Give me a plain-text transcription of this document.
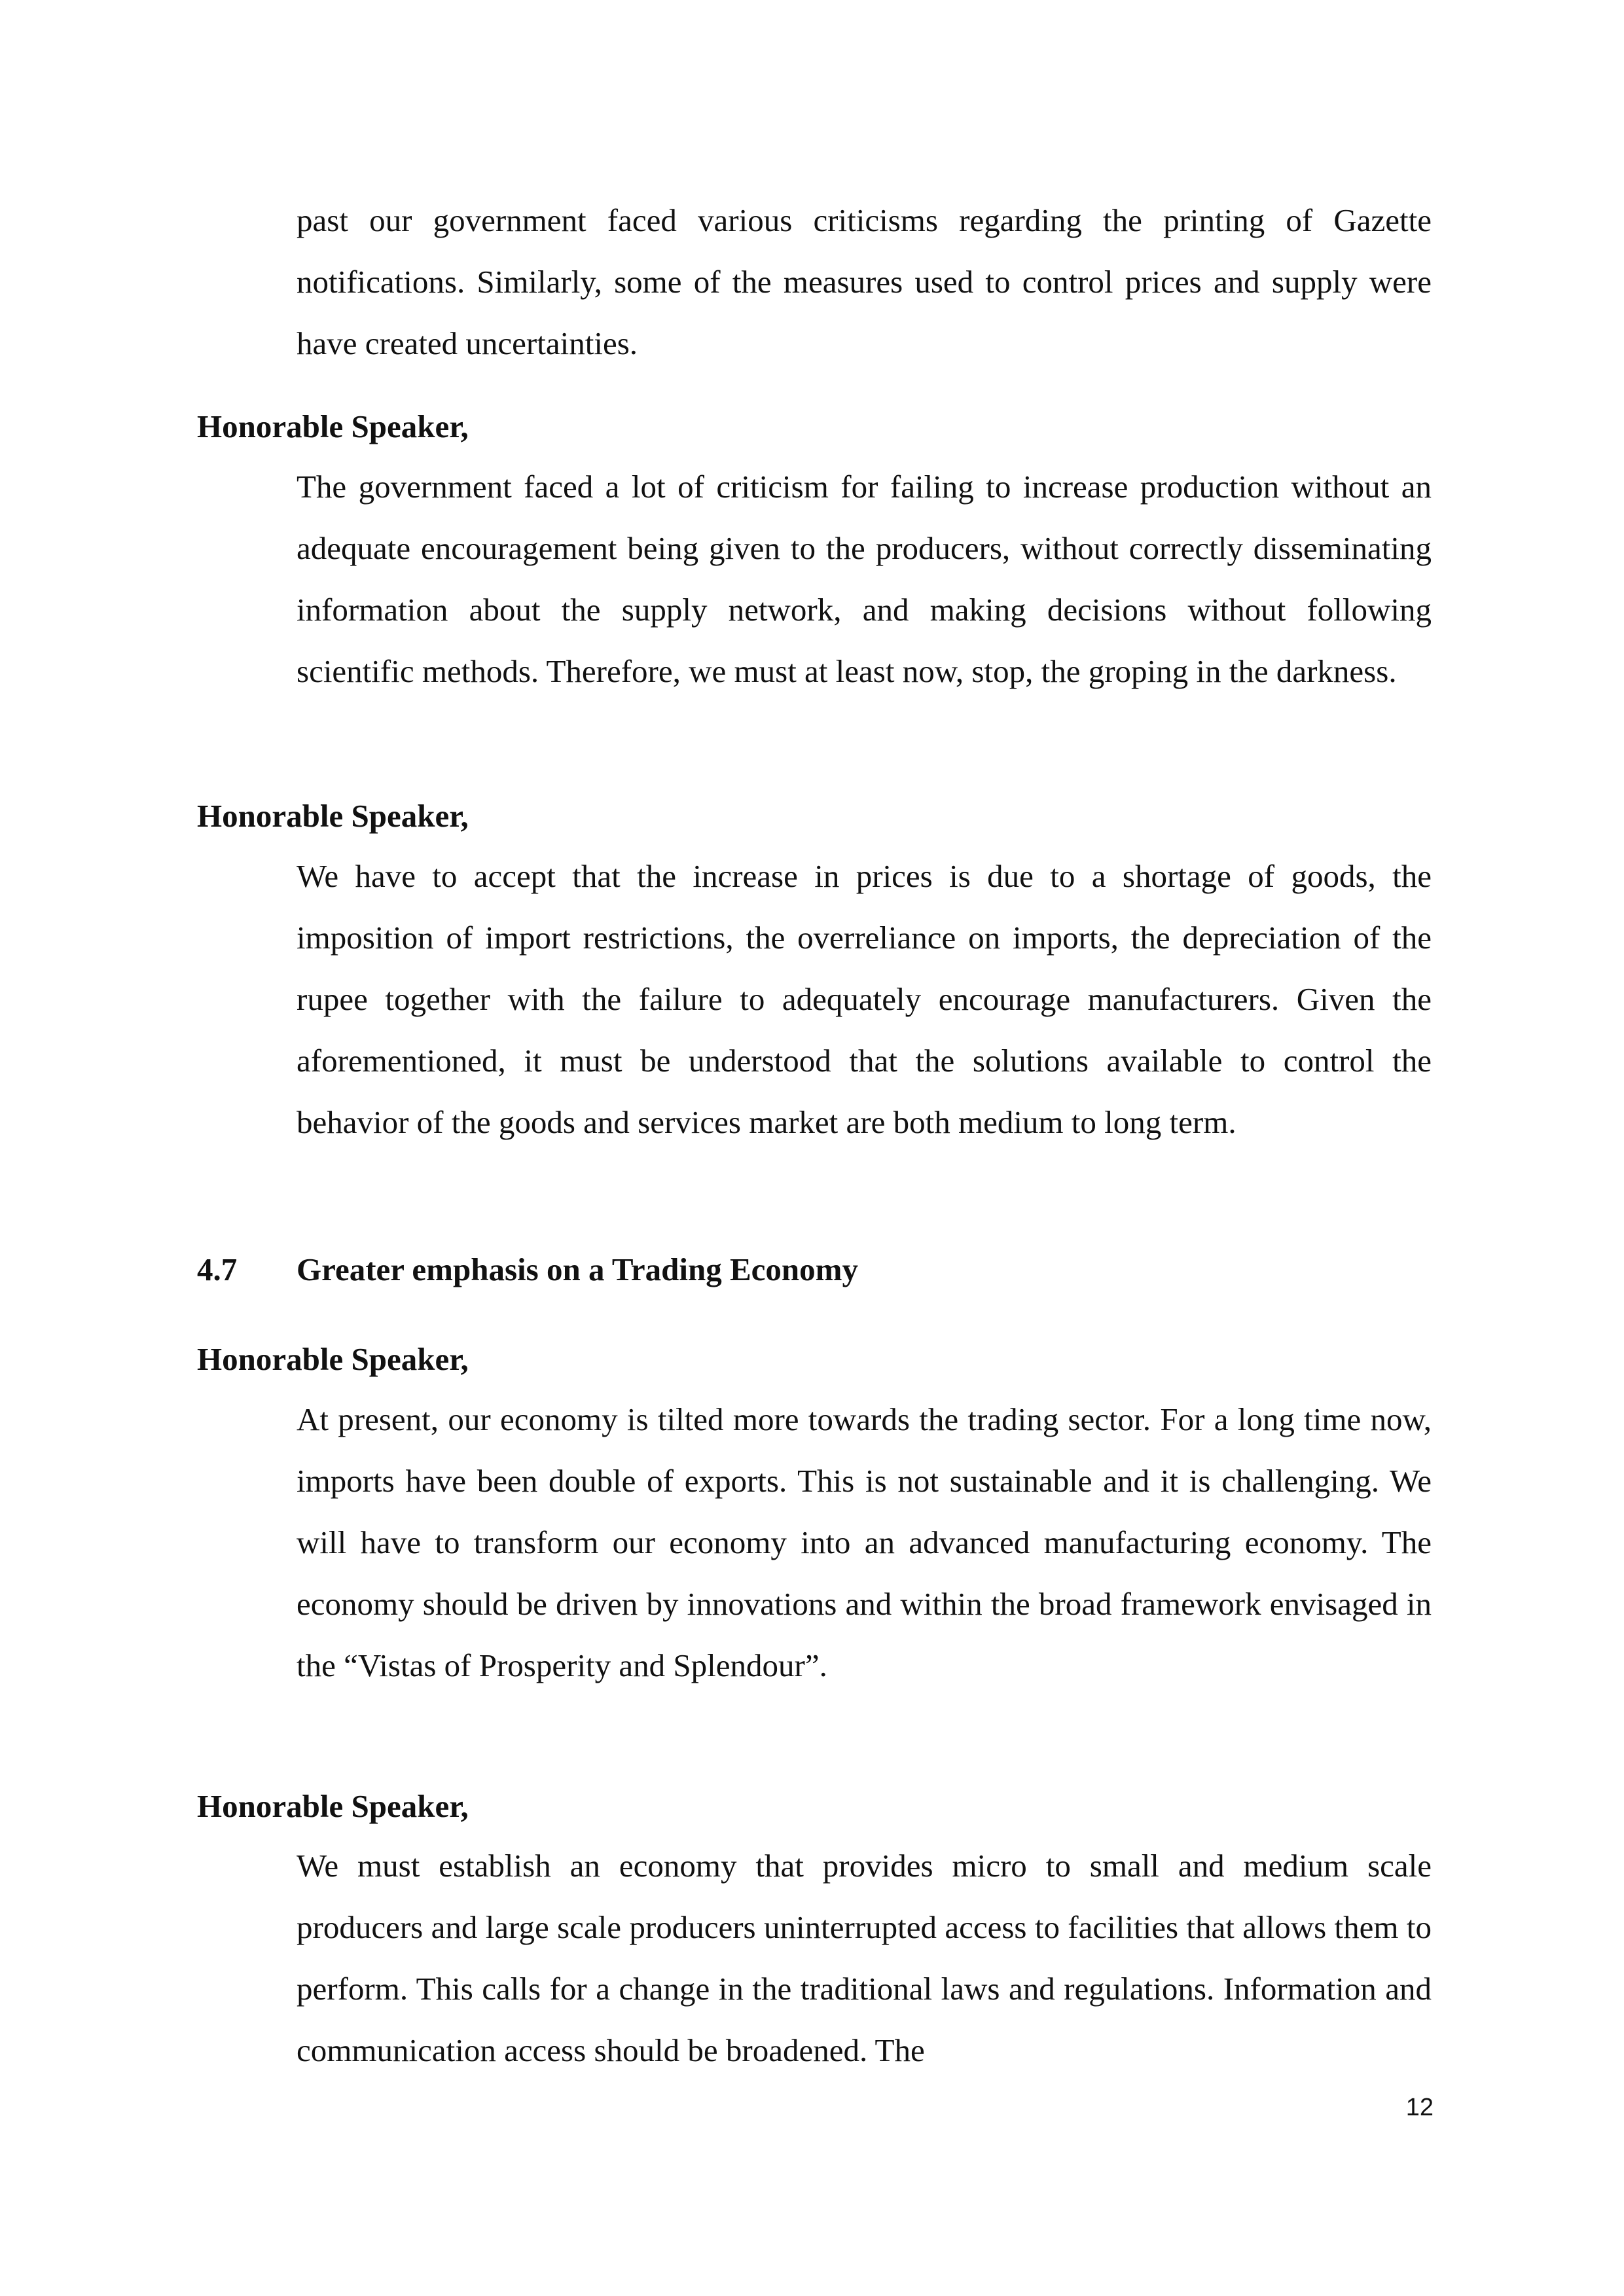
past our government faced various criticisms regarding the printing of Gazette notifications. Similarly, some of the measures used to control prices and supply were have created uncertainties.

Honorable Speaker,

The government faced a lot of criticism for failing to increase production without an adequate encouragement being given to the producers, without correctly disseminating information about the supply network, and making decisions without following scientific methods. Therefore, we must at least now, stop, the groping in the darkness.

Honorable Speaker,

We have to accept that the increase in prices is due to a shortage of goods, the imposition of import restrictions, the overreliance on imports, the depreciation of the rupee together with the failure to adequately encourage manufacturers. Given the aforementioned, it must be understood that the solutions available to control the behavior of the goods and services market are both medium to long term.

4.7 Greater emphasis on a Trading Economy
Honorable Speaker,

At present, our economy is tilted more towards the trading sector. For a long time now, imports have been double of exports. This is not sustainable and it is challenging. We will have to transform our economy into an advanced manufacturing economy. The economy should be driven by innovations and within the broad framework envisaged in the “Vistas of Prosperity and Splendour”.

Honorable Speaker,

We must establish an economy that provides micro to small and medium scale producers and large scale producers uninterrupted access to facilities that allows them to perform. This calls for a change in the traditional laws and regulations. Information and communication access should be broadened. The

12
